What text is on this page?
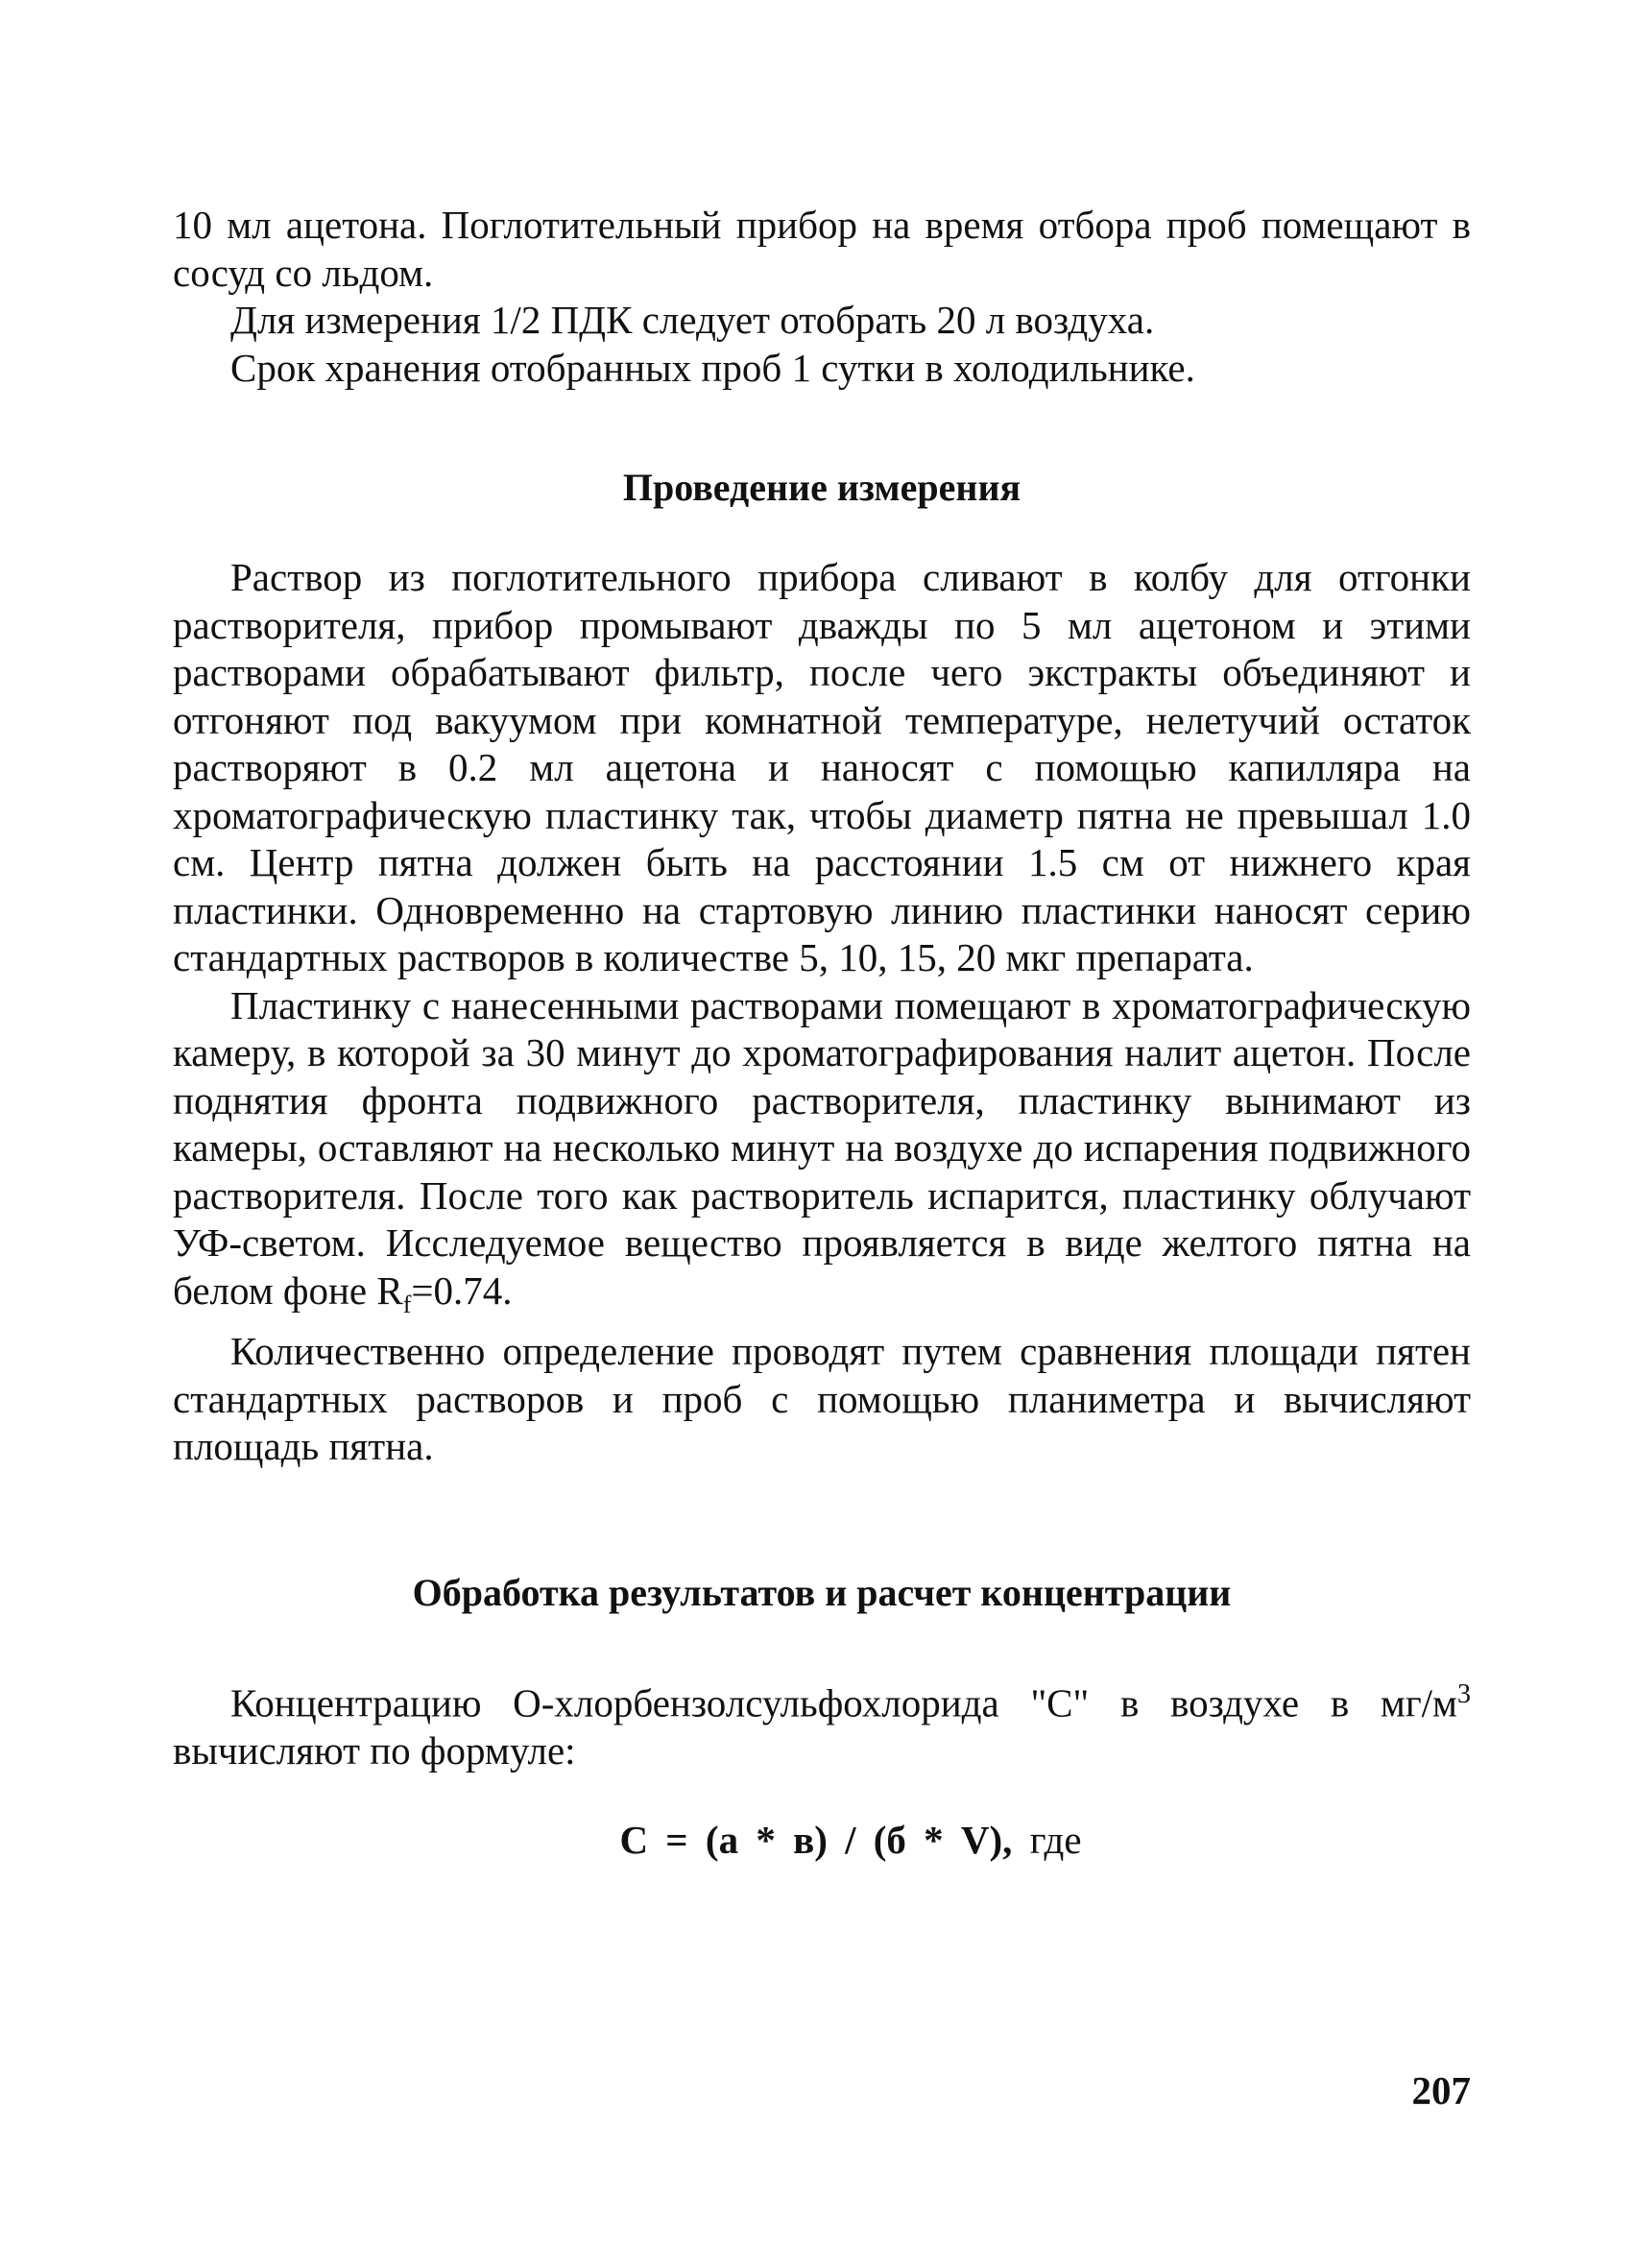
10 мл ацетона. Поглотительный прибор на время отбора проб помещают в сосуд со льдом.

Для измерения 1/2 ПДК следует отобрать 20 л воздуха.

Срок хранения отобранных проб 1 сутки в холодильнике.

Проведение измерения

Раствор из поглотительного прибора сливают в колбу для отгонки растворителя, прибор промывают дважды по 5 мл ацетоном и этими растворами обрабатывают фильтр, после чего экстракты объединяют и отгоняют под вакуумом при комнатной температуре, нелетучий остаток растворяют в 0.2 мл ацетона и наносят с помощью капилляра на хроматографическую пластинку так, чтобы диаметр пятна не превышал 1.0 см. Центр пятна должен быть на расстоянии 1.5 см от нижнего края пластинки. Одновременно на стартовую линию пластинки наносят серию стандартных растворов в количестве 5, 10, 15, 20 мкг препарата.

Пластинку с нанесенными растворами помещают в хроматографическую камеру, в которой за 30 минут до хроматографирования налит ацетон. После поднятия фронта подвижного растворителя, пластинку вынимают из камеры, оставляют на несколько минут на воздухе до испарения подвижного растворителя. После того как растворитель испарится, пластинку облучают УФ-светом. Исследуемое вещество проявляется в виде желтого пятна на белом фоне $R_f=0.74$.

Количественно определение проводят путем сравнения площади пятен стандартных растворов и проб с помощью планиметра и вычисляют площадь пятна.

Обработка результатов и расчет концентрации

Концентрацию О-хлорбензолсульфохлорида "С" в воздухе в $мг/м^3$ вычисляют по формуле:

С = (а * в) / (б * V), где
207
